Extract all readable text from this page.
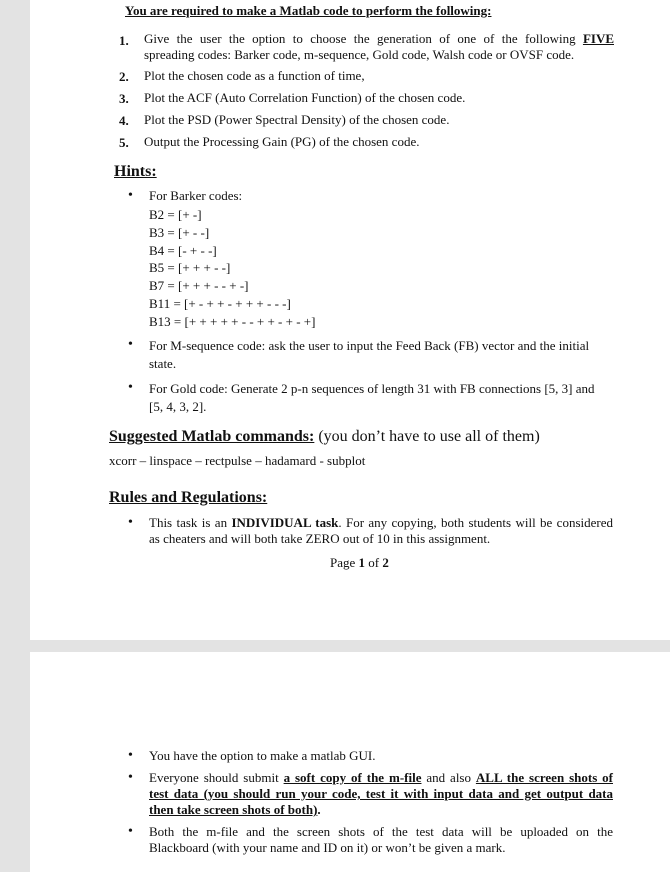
You are required to make a Matlab code to perform the following:
1. Give the user the option to choose the generation of one of the following FIVE
spreading codes: Barker code, m-sequence, Gold code, Walsh code or OVSF code.
2. Plot the chosen code as a function of time,
3. Plot the ACF (Auto Correlation Function) of the chosen code.
4. Plot the PSD (Power Spectral Density) of the chosen code.
5. Output the Processing Gain (PG) of the chosen code.
Hints:
• For Barker codes:
B2 = [+ -]
B3 = [+ - -]
B4 = [- + - -]
B5 = [+ + + - -]
B7 = [+ + + - - + -]
B11 = [+ - + + - + + + - - -]
B13 = [+ + + + + - - + + - + - +]
• For M-sequence code: ask the user to input the Feed Back (FB) vector and the initial
state.
• For Gold code: Generate 2 p-n sequences of length 31 with FB connections [5, 3] and
[5, 4, 3, 2].
Suggested Matlab commands: (you don’t have to use all of them)
xcorr – linspace – rectpulse – hadamard - subplot
Rules and Regulations:
• This task is an INDIVIDUAL task. For any copying, both students will be considered
as cheaters and will both take ZERO out of 10 in this assignment.
Page 1 of 2
• You have the option to make a matlab GUI.
• Everyone should submit a soft copy of the m-file and also ALL the screen shots of
test data (you should run your code, test it with input data and get output data
then take screen shots of both).
• Both the m-file and the screen shots of the test data will be uploaded on the
Blackboard (with your name and ID on it) or won’t be given a mark.
